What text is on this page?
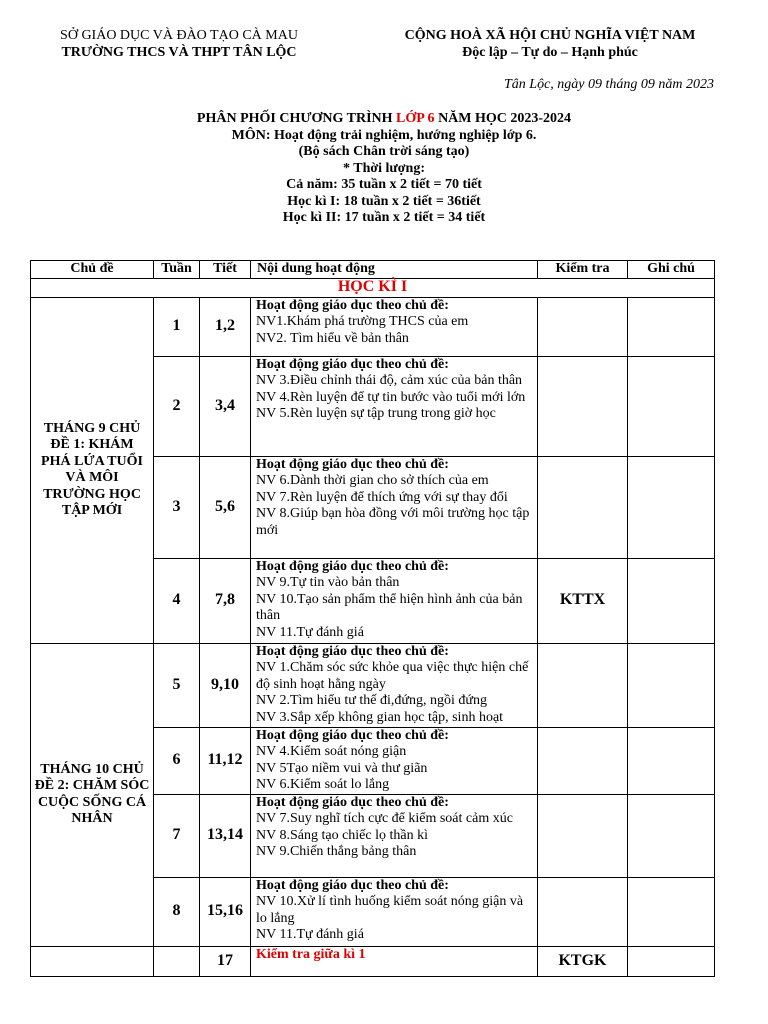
SỞ GIÁO DỤC VÀ ĐÀO TẠO CÀ MAU
TRƯỜNG THCS VÀ THPT TÂN LỘC
CỘNG HOÀ XÃ HỘI CHỦ NGHĨA VIỆT NAM
Độc lập – Tự do – Hạnh phúc
Tân Lộc, ngày 09 tháng 09 năm 2023
PHÂN PHỐI CHƯƠNG TRÌNH LỚP 6 NĂM HỌC 2023-2024
MÔN: Hoạt động trải nghiệm, hướng nghiệp lớp 6.
(Bộ sách Chân trời sáng tạo)
* Thời lượng:
Cả năm: 35 tuần x 2 tiết = 70 tiết
Học kì I: 18 tuần x 2 tiết = 36tiết
Học kì II: 17 tuần x 2 tiết = 34 tiết
Chủ đề	Tuần	Tiết	Nội dung hoạt động	Kiểm tra	Ghi chú
HỌC KÌ I					
THÁNG 9 CHỦ ĐỀ 1: KHÁM PHÁ LỨA TUỔI VÀ MÔI TRƯỜNG HỌC TẬP MỚI	1	1,2	Hoạt động giáo dục theo chủ đề:
NV1.Khám phá trường THCS của em
NV2. Tìm hiểu về bản thân		

	2	3,4	Hoạt động giáo dục theo chủ đề:
NV 3.Điều chỉnh thái độ, cảm xúc của bản thân
NV 4.Rèn luyện để tự tin bước vào tuổi mới lớn
NV 5.Rèn luyện sự tập trung trong giờ học		

	3	5,6	Hoạt động giáo dục theo chủ đề:
NV 6.Dành thời gian cho sở thích của em
NV 7.Rèn luyện để thích ứng với sự thay đổi
NV 8.Giúp bạn hòa đồng với môi trường học tập mới		

	4	7,8	Hoạt động giáo dục theo chủ đề:
NV 9.Tự tin vào bản thân
NV 10.Tạo sản phẩm thể hiện hình ảnh của bản thân
NV 11.Tự đánh giá	KTTX	
THÁNG 10 CHỦ ĐỀ 2: CHĂM SÓC CUỘC SỐNG CÁ NHÂN	5	9,10	Hoạt động giáo dục theo chủ đề:
NV 1.Chăm sóc sức khỏe qua việc thực hiện chế độ sinh hoạt hằng ngày
NV 2.Tìm hiểu tư thế đi,đứng, ngồi đứng
NV 3.Sắp xếp không gian học tập, sinh hoạt		

	6	11,12	Hoạt động giáo dục theo chủ đề:
NV 4.Kiểm soát nóng giận
NV 5Tạo niềm vui và thư giãn
NV 6.Kiểm soát lo lắng		

	7	13,14	Hoạt động giáo dục theo chủ đề:
NV 7.Suy nghĩ tích cực để kiểm soát cảm xúc
NV 8.Sáng tạo chiếc lọ thần kì
NV 9.Chiến thắng bảng thân		

	8	15,16	Hoạt động giáo dục theo chủ đề:
NV 10.Xử lí tình huống kiểm soát nóng giận và lo lắng
NV 11.Tự đánh giá		

		17	Kiểm tra giữa kì 1	KTGK	
